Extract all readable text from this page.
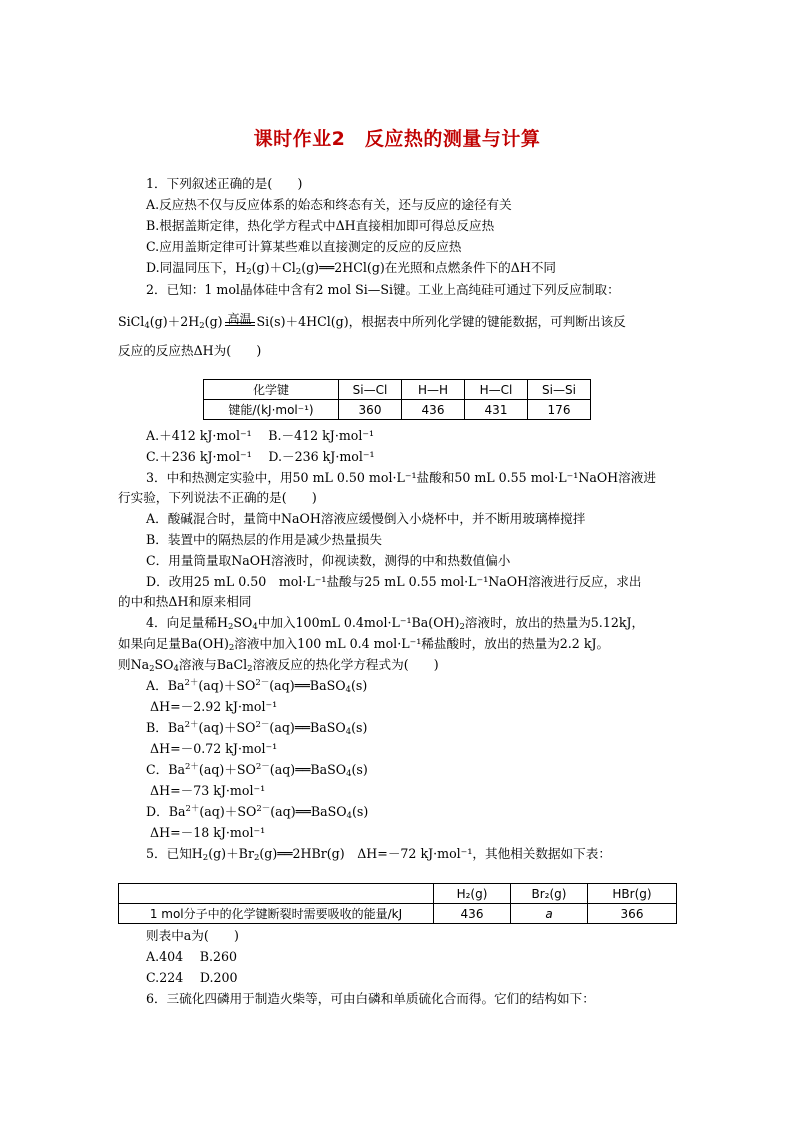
课时作业2　反应热的测量与计算
1．下列叙述正确的是(　　)
A.反应热不仅与反应体系的始态和终态有关，还与反应的途径有关
B.根据盖斯定律，热化学方程式中ΔH直接相加即可得总反应热
C.应用盖斯定律可计算某些难以直接测定的反应的反应热
D.同温同压下，$H_2(g)+Cl_2(g)══2HCl(g)$在光照和点燃条件下的ΔH不同
2．已知：1 mol晶体硅中含有2 mol Si—Si键。工业上高纯硅可通过下列反应制取：
$SiCl_4(g)+2H_2(g)$ 高温 Si(s)＋4HCl(g)，根据表中所列化学键的键能数据，可判断出该反
反应的反应热ΔH为(　　)
化学键	Si—Cl	H—H	H—Cl	Si—Si
键能/(kJ·mol⁻¹)	360	436	431	176
A.＋412 kJ·mol⁻¹　 B.－412 kJ·mol⁻¹
C.＋236 kJ·mol⁻¹　 D.－236 kJ·mol⁻¹
3．中和热测定实验中，用50 mL 0.50 mol·L⁻¹盐酸和50 mL 0.55 mol·L⁻¹NaOH溶液进
行实验，下列说法不正确的是(　　)
A．酸碱混合时，量筒中NaOH溶液应缓慢倒入小烧杯中，并不断用玻璃棒搅拌
B．装置中的隔热层的作用是减少热量损失
C．用量筒量取NaOH溶液时，仰视读数，测得的中和热数值偏小
D．改用25 mL 0.50　mol·L⁻¹盐酸与25 mL 0.55 mol·L⁻¹NaOH溶液进行反应，求出
的中和热ΔH和原来相同
4．向足量稀$H_2SO_4$中加入100mL $0.4mol\cdot L^{-1}Ba(OH)_2$溶液时，放出的热量为5.12kJ，
如果向足量$Ba(OH)_2$溶液中加入100 mL 0.4 mol·L⁻¹稀盐酸时，放出的热量为2.2 kJ。
则$Na_2SO_4$溶液与BaCl$_2$溶液反应的热化学方程式为(　　)
A．$Ba^{2+}(aq)+SO^{2-}(aq)══BaSO_4(s)$
ΔH=－2.92 kJ·mol⁻¹
B．$Ba^{2+}(aq)+SO^{2-}(aq)══BaSO_4(s)$
ΔH=－0.72 kJ·mol⁻¹
C．$Ba^{2+}(aq)+SO^{2-}(aq)══BaSO_4(s)$
ΔH=－73 kJ·mol⁻¹
D．$Ba^{2+}(aq)+SO^{2-}(aq)══BaSO_4(s)$
ΔH=－18 kJ·mol⁻¹
5．已知$H_2(g)+Br_2(g)══2HBr(g)$　ΔH=－72 kJ·mol⁻¹，其他相关数据如下表：
	H₂(g)	Br₂(g)	HBr(g)
1 mol分子中的化学键断裂时需要吸收的能量/kJ	436	a	366
则表中a为(　　)
A.404　 B.260
C.224　 D.200
6．三硫化四磷用于制造火柴等，可由白磷和单质硫化合而得。它们的结构如下：
